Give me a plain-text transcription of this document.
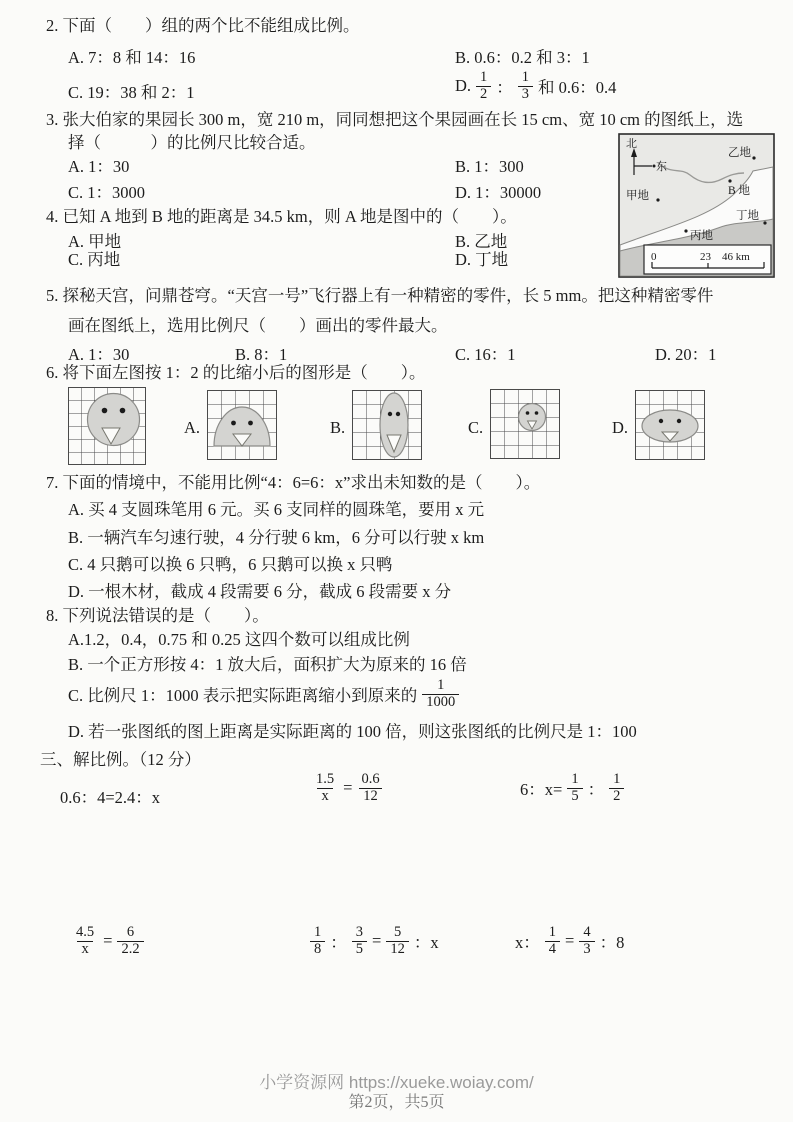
2. 下面（　　）组的两个比不能组成比例。
A. 7：8 和 14：16	B. 0.6：0.2 和 3：1
C. 19：38 和 2：1	D. $\frac{1}{2}$ ： $\frac{1}{3}$ 和 0.6：0.4
3. 张大伯家的果园长 300 m，宽 210 m，同同想把这个果园画在长 15 cm、宽 10 cm 的图纸上，选
择（　　　）的比例尺比较合适。
A. 1：30	B. 1：300
C. 1：3000	D. 1：30000
北
东
乙地
B 地
甲地
丁地
丙地
0	23 46 km
4. 已知 A 地到 B 地的距离是 34.5 km，则 A 地是图中的（　　）。
A. 甲地	B. 乙地
C. 丙地	D. 丁地
5. 探秘天宫，问鼎苍穹。“天宫一号”飞行器上有一种精密的零件，长 5 mm。把这种精密零件
画在图纸上，选用比例尺（　　）画出的零件最大。
A. 1：30	B. 8：1	C. 16：1	D. 20：1
6. 将下面左图按 1：2 的比缩小后的图形是（　　）。
A.	B.	C.	D.
7. 下面的情境中，不能用比例“4：6=6：x”求出未知数的是（　　）。
A. 买 4 支圆珠笔用 6 元。买 6 支同样的圆珠笔，要用 x 元
B. 一辆汽车匀速行驶，4 分行驶 6 km，6 分可以行驶 x km
C. 4 只鹅可以换 6 只鸭，6 只鹅可以换 x 只鸭
D. 一根木材，截成 4 段需要 6 分，截成 6 段需要 x 分
8. 下列说法错误的是（　　）。
A.1.2，0.4，0.75 和 0.25 这四个数可以组成比例
B. 一个正方形按 4：1 放大后，面积扩大为原来的 16 倍
C. 比例尺 1：1000 表示把实际距离缩小到原来的 $\frac{1}{1000}$
D. 若一张图纸的图上距离是实际距离的 100 倍，则这张图纸的比例尺是 1：100
三、解比例。（12 分）
0.6：4=2.4：x	$\frac{1.5}{x} = \frac{0.6}{12}$	6：$x= \frac{1}{5}$ ： $\frac{1}{2}$
$\frac{4.5}{x} = \frac{6}{2.2}$	$\frac{1}{8}$ ： $\frac{3}{5} = \frac{5}{12}$ ：x	x： $\frac{1}{4} = \frac{4}{3}$ ：8
小学资源网 https://xueke.woiay.com/
第2页，共5页
